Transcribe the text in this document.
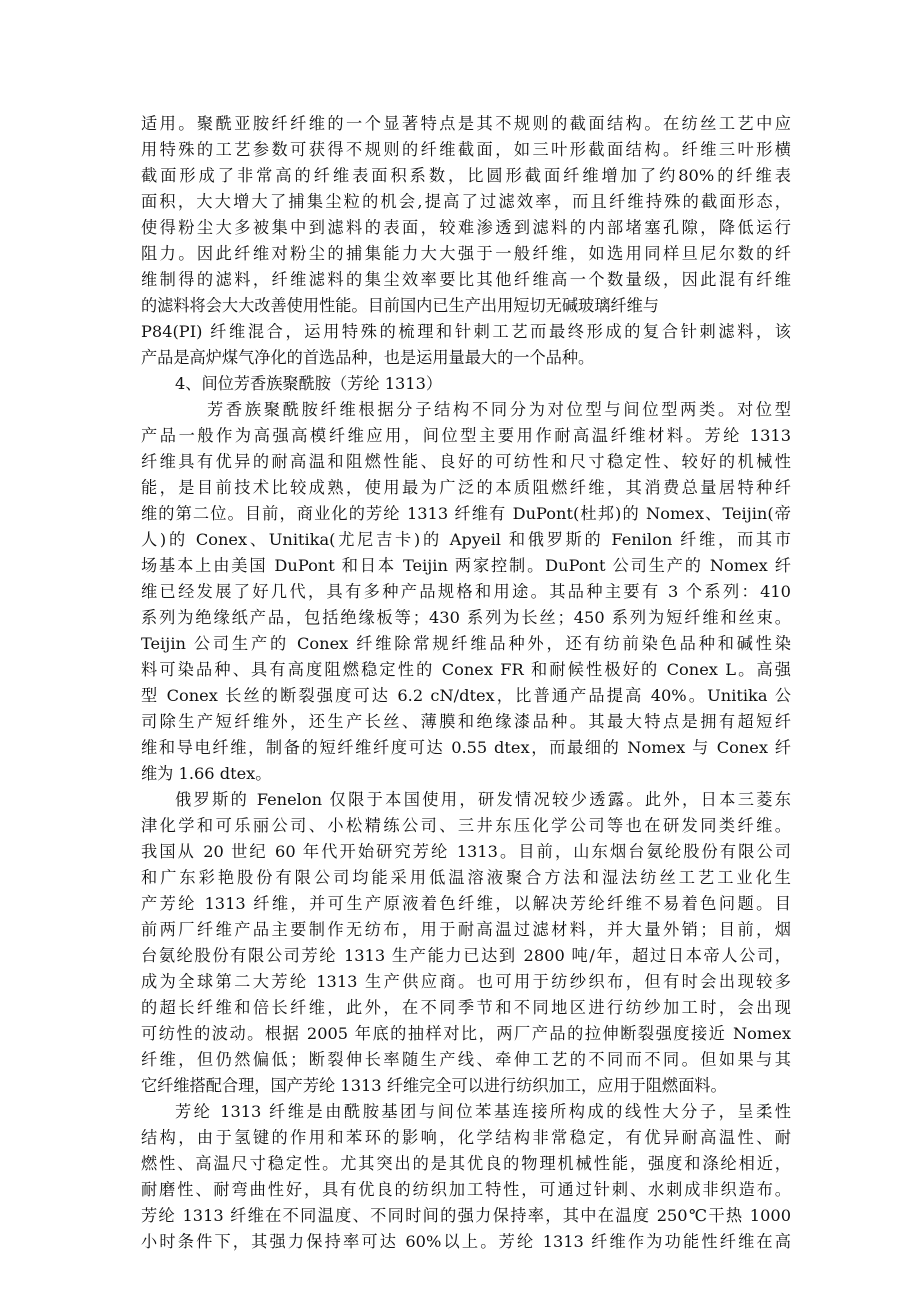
适用。聚酰亚胺纤纤维的一个显著特点是其不规则的截面结构。在纺丝工艺中应
用特殊的工艺参数可获得不规则的纤维截面，如三叶形截面结构。纤维三叶形横
截面形成了非常高的纤维表面积系数，比圆形截面纤维增加了约80%的纤维表
面积，大大增大了捕集尘粒的机会,提高了过滤效率，而且纤维持殊的截面形态，
使得粉尘大多被集中到滤料的表面，较难渗透到滤料的内部堵塞孔隙，降低运行
阻力。因此纤维对粉尘的捕集能力大大强于一般纤维，如选用同样旦尼尔数的纤
维制得的滤料，纤维滤料的集尘效率要比其他纤维高一个数量级，因此混有纤维
的滤料将会大大改善使用性能。目前国内已生产出用短切无碱玻璃纤维与
P84(PI) 纤维混合，运用特殊的梳理和针刺工艺而最终形成的复合针刺滤料，该
产品是高炉煤气净化的首选品种，也是运用量最大的一个品种。
4、间位芳香族聚酰胺（芳纶 1313）
芳香族聚酰胺纤维根据分子结构不同分为对位型与间位型两类。对位型
产品一般作为高强高模纤维应用，间位型主要用作耐高温纤维材料。芳纶 1313
纤维具有优异的耐高温和阻燃性能、良好的可纺性和尺寸稳定性、较好的机械性
能，是目前技术比较成熟，使用最为广泛的本质阻燃纤维，其消费总量居特种纤
维的第二位。目前，商业化的芳纶 1313 纤维有 DuPont(杜邦)的 Nomex、Teijin(帝
人)的 Conex、Unitika(尤尼吉卡)的 Apyeil 和俄罗斯的 Fenilon 纤维，而其市
场基本上由美国 DuPont 和日本 Teijin 两家控制。DuPont 公司生产的 Nomex 纤
维已经发展了好几代，具有多种产品规格和用途。其品种主要有 3 个系列：410
系列为绝缘纸产品，包括绝缘板等；430 系列为长丝；450 系列为短纤维和丝束。
Teijin 公司生产的 Conex 纤维除常规纤维品种外，还有纺前染色品种和碱性染
料可染品种、具有高度阻燃稳定性的 Conex FR 和耐候性极好的 Conex L。高强
型 Conex 长丝的断裂强度可达 6.2 cN/dtex，比普通产品提高 40%。Unitika 公
司除生产短纤维外，还生产长丝、薄膜和绝缘漆品种。其最大特点是拥有超短纤
维和导电纤维，制备的短纤维纤度可达 0.55 dtex，而最细的 Nomex 与 Conex 纤
维为 1.66 dtex。
俄罗斯的 Fenelon 仅限于本国使用，研发情况较少透露。此外，日本三菱东
津化学和可乐丽公司、小松精练公司、三井东压化学公司等也在研发同类纤维。
我国从 20 世纪 60 年代开始研究芳纶 1313。目前，山东烟台氨纶股份有限公司
和广东彩艳股份有限公司均能采用低温溶液聚合方法和湿法纺丝工艺工业化生
产芳纶 1313 纤维，并可生产原液着色纤维，以解决芳纶纤维不易着色问题。目
前两厂纤维产品主要制作无纺布，用于耐高温过滤材料，并大量外销；目前，烟
台氨纶股份有限公司芳纶 1313 生产能力已达到 2800 吨/年，超过日本帝人公司，
成为全球第二大芳纶 1313 生产供应商。也可用于纺纱织布，但有时会出现较多
的超长纤维和倍长纤维，此外，在不同季节和不同地区进行纺纱加工时，会出现
可纺性的波动。根据 2005 年底的抽样对比，两厂产品的拉伸断裂强度接近 Nomex
纤维，但仍然偏低；断裂伸长率随生产线、牵伸工艺的不同而不同。但如果与其
它纤维搭配合理，国产芳纶 1313 纤维完全可以进行纺织加工，应用于阻燃面料。
芳纶 1313 纤维是由酰胺基团与间位苯基连接所构成的线性大分子，呈柔性
结构，由于氢键的作用和苯环的影响，化学结构非常稳定，有优异耐高温性、耐
燃性、高温尺寸稳定性。尤其突出的是其优良的物理机械性能，强度和涤纶相近，
耐磨性、耐弯曲性好，具有优良的纺织加工特性，可通过针刺、水刺成非织造布。
芳纶 1313 纤维在不同温度、不同时间的强力保持率，其中在温度 250℃干热 1000
小时条件下，其强力保持率可达 60%以上。芳纶 1313 纤维作为功能性纤维在高
